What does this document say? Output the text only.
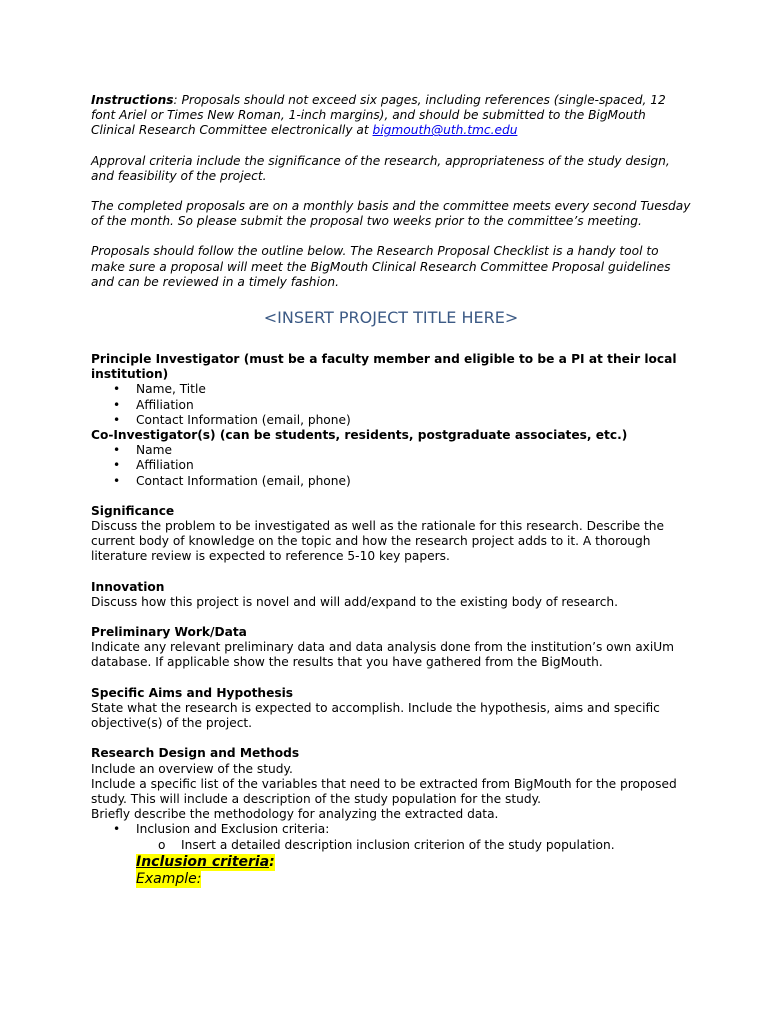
Instructions: Proposals should not exceed six pages, including references (single-spaced, 12 font Ariel or Times New Roman, 1-inch margins), and should be submitted to the BigMouth Clinical Research Committee electronically at bigmouth@uth.tmc.edu

Approval criteria include the significance of the research, appropriateness of the study design, and feasibility of the project.

The completed proposals are on a monthly basis and the committee meets every second Tuesday of the month. So please submit the proposal two weeks prior to the committee’s meeting.

Proposals should follow the outline below. The Research Proposal Checklist is a handy tool to make sure a proposal will meet the BigMouth Clinical Research Committee Proposal guidelines and can be reviewed in a timely fashion.

<INSERT PROJECT TITLE HERE>

Principle Investigator (must be a faculty member and eligible to be a PI at their local institution)

• Name, Title
• Affiliation
• Contact Information (email, phone)

Co-Investigator(s) (can be students, residents, postgraduate associates, etc.)

• Name
• Affiliation
• Contact Information (email, phone)

Significance

Discuss the problem to be investigated as well as the rationale for this research. Describe the current body of knowledge on the topic and how the research project adds to it. A thorough literature review is expected to reference 5-10 key papers.

Innovation

Discuss how this project is novel and will add/expand to the existing body of research.

Preliminary Work/Data

Indicate any relevant preliminary data and data analysis done from the institution’s own axiUm database. If applicable show the results that you have gathered from the BigMouth.

Specific Aims and Hypothesis

State what the research is expected to accomplish. Include the hypothesis, aims and specific objective(s) of the project.

Research Design and Methods

Include an overview of the study.

Include a specific list of the variables that need to be extracted from BigMouth for the proposed study. This will include a description of the study population for the study.

Briefly describe the methodology for analyzing the extracted data.

• Inclusion and Exclusion criteria:
o Insert a detailed description inclusion criterion of the study population.
Inclusion criteria:
Example:
